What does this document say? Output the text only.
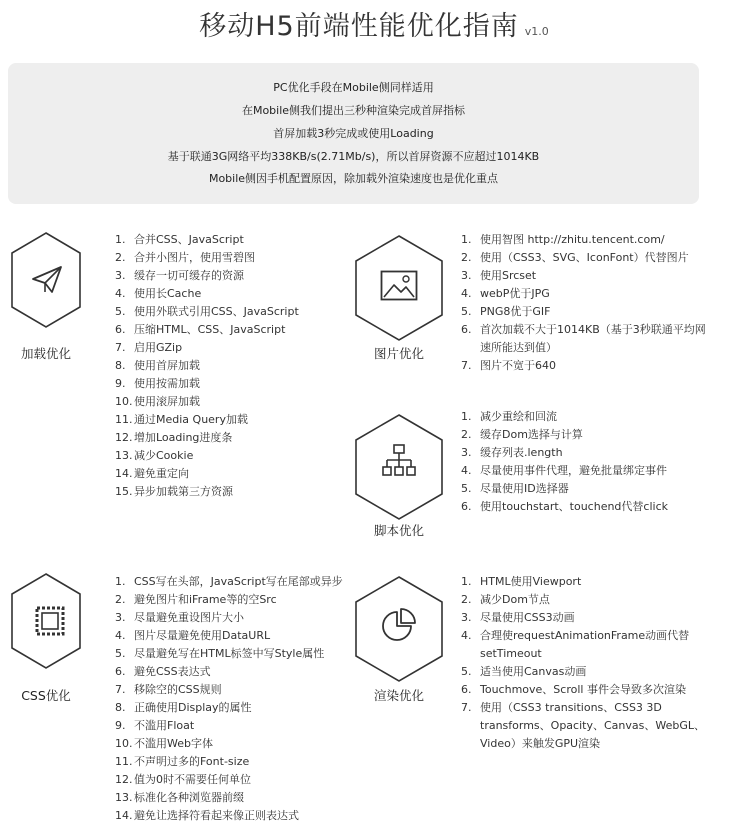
移动H5前端性能优化指南 v1.0
PC优化手段在Mobile侧同样适用
在Mobile侧我们提出三秒种渲染完成首屏指标
首屏加载3秒完成或使用Loading
基于联通3G网络平均338KB/s(2.71Mb/s)，所以首屏资源不应超过1014KB
Mobile侧因手机配置原因，除加载外渲染速度也是优化重点
加载优化
1. 合并CSS、JavaScript
2. 合并小图片，使用雪碧图
3. 缓存一切可缓存的资源
4. 使用长Cache
5. 使用外联式引用CSS、JavaScript
6. 压缩HTML、CSS、JavaScript
7. 启用GZip
8. 使用首屏加载
9. 使用按需加载
10. 使用滚屏加载
11. 通过Media Query加载
12. 增加Loading进度条
13. 减少Cookie
14. 避免重定向
15. 异步加载第三方资源
图片优化
1. 使用智图 http://zhitu.tencent.com/
2. 使用（CSS3、SVG、IconFont）代替图片
3. 使用Srcset
4. webP优于JPG
5. PNG8优于GIF
6. 首次加载不大于1014KB（基于3秒联通平均网速所能达到值）
7. 图片不宽于640
脚本优化
1. 减少重绘和回流
2. 缓存Dom选择与计算
3. 缓存列表.length
4. 尽量使用事件代理，避免批量绑定事件
5. 尽量使用ID选择器
6. 使用touchstart、touchend代替click
CSS优化
1. CSS写在头部，JavaScript写在尾部或异步
2. 避免图片和iFrame等的空Src
3. 尽量避免重设图片大小
4. 图片尽量避免使用DataURL
5. 尽量避免写在HTML标签中写Style属性
6. 避免CSS表达式
7. 移除空的CSS规则
8. 正确使用Display的属性
9. 不滥用Float
10. 不滥用Web字体
11. 不声明过多的Font-size
12. 值为0时不需要任何单位
13. 标准化各种浏览器前缀
14. 避免让选择符看起来像正则表达式
渲染优化
1. HTML使用Viewport
2. 减少Dom节点
3. 尽量使用CSS3动画
4. 合理使requestAnimationFrame动画代替setTimeout
5. 适当使用Canvas动画
6. Touchmove、Scroll 事件会导致多次渲染
7. 使用（CSS3 transitions、CSS3 3D transforms、Opacity、Canvas、WebGL、Video）来触发GPU渲染
